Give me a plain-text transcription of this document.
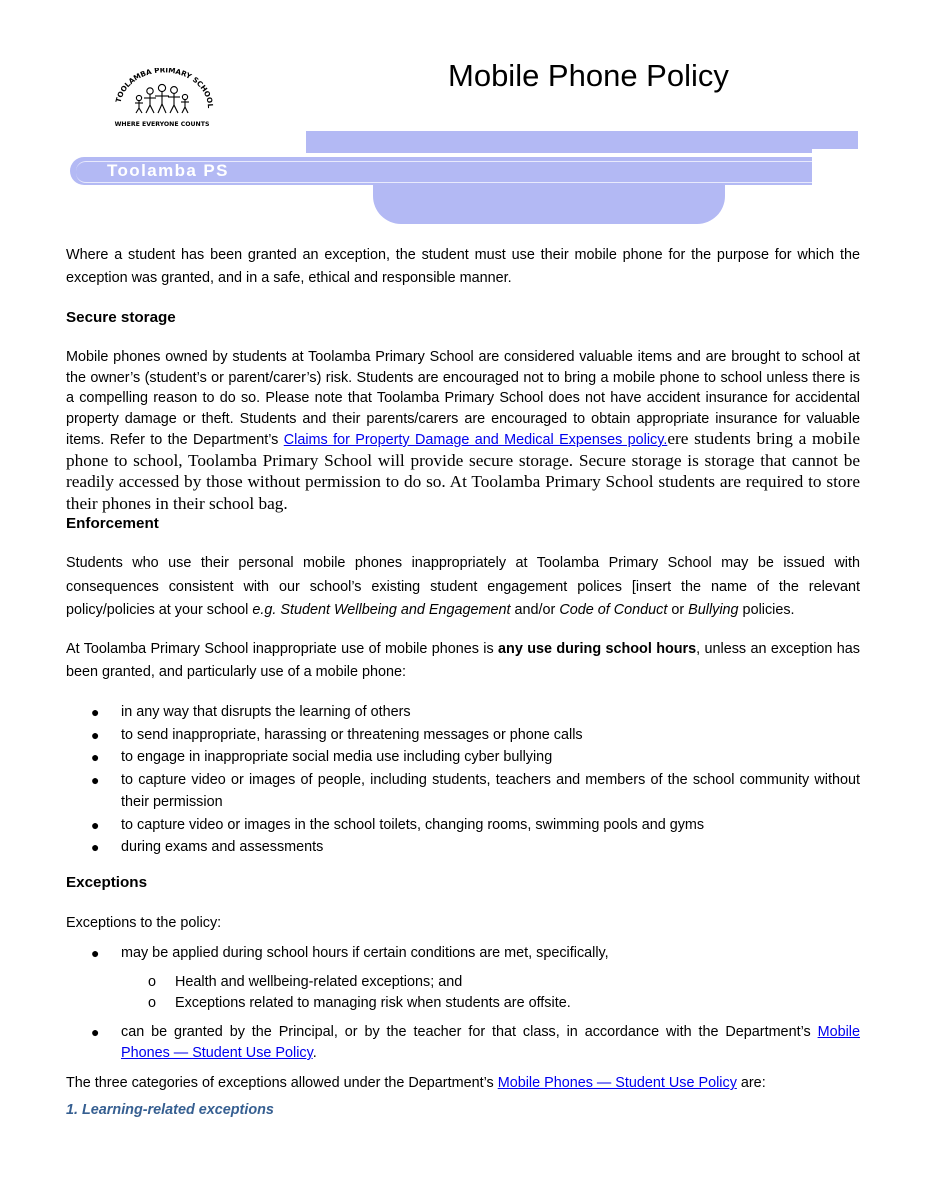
TOOLAMBA PRIMARY SCHOOL
WHERE EVERYONE COUNTS
Mobile Phone Policy
Toolamba PS

Where a student has been granted an exception, the student must use their mobile phone for the purpose for which the exception was granted, and in a safe, ethical and responsible manner.

Secure storage

Mobile phones owned by students at Toolamba Primary School are considered valuable items and are brought to school at the owner’s (student’s or parent/carer’s) risk. Students are encouraged not to bring a mobile phone to school unless there is a compelling reason to do so. Please note that Toolamba Primary School does not have accident insurance for accidental property damage or theft. Students and their parents/carers are encouraged to obtain appropriate insurance for valuable items. Refer to the Department’s Claims for Property Damage and Medical Expenses policy.ere students bring a mobile phone to school, Toolamba Primary School will provide secure storage. Secure storage is storage that cannot be readily accessed by those without permission to do so. At Toolamba Primary School students are required to store their phones in their school bag.

Enforcement

Students who use their personal mobile phones inappropriately at Toolamba Primary School may be issued with consequences consistent with our school’s existing student engagement polices [insert the name of the relevant policy/policies at your school e.g. Student Wellbeing and Engagement and/or Code of Conduct or Bullying policies.

At Toolamba Primary School inappropriate use of mobile phones is any use during school hours, unless an exception has been granted, and particularly use of a mobile phone:

● in any way that disrupts the learning of others
● to send inappropriate, harassing or threatening messages or phone calls
● to engage in inappropriate social media use including cyber bullying
● to capture video or images of people, including students, teachers and members of the school community without their permission
● to capture video or images in the school toilets, changing rooms, swimming pools and gyms
● during exams and assessments
Exceptions

Exceptions to the policy:

● may be applied during school hours if certain conditions are met, specifically,
o Health and wellbeing-related exceptions; and
o Exceptions related to managing risk when students are offsite.
● can be granted by the Principal, or by the teacher for that class, in accordance with the Department’s Mobile Phones — Student Use Policy.

The three categories of exceptions allowed under the Department’s Mobile Phones — Student Use Policy are:

1. Learning-related exceptions
